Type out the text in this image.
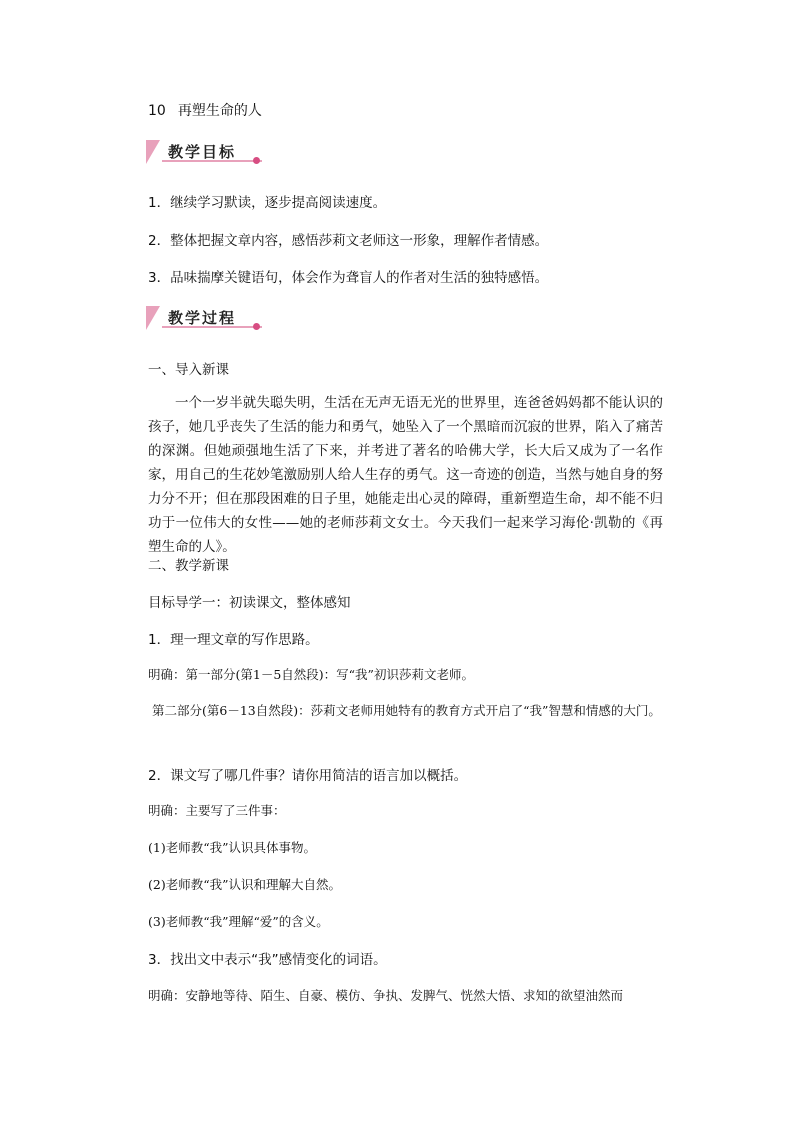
10 再塑生命的人
教学目标
1．继续学习默读，逐步提高阅读速度。
2．整体把握文章内容，感悟莎莉文老师这一形象，理解作者情感。
3．品味揣摩关键语句，体会作为聋盲人的作者对生活的独特感悟。
教学过程
一、导入新课
一个一岁半就失聪失明，生活在无声无语无光的世界里，连爸爸妈妈都不能认识的孩子，她几乎丧失了生活的能力和勇气，她坠入了一个黑暗而沉寂的世界，陷入了痛苦的深渊。但她顽强地生活了下来，并考进了著名的哈佛大学，长大后又成为了一名作家，用自己的生花妙笔激励别人给人生存的勇气。这一奇迹的创造，当然与她自身的努力分不开；但在那段困难的日子里，她能走出心灵的障碍，重新塑造生命，却不能不归功于一位伟大的女性——她的老师莎莉文女士。今天我们一起来学习海伦·凯勒的《再塑生命的人》。
二、教学新课
目标导学一：初读课文，整体感知
1．理一理文章的写作思路。
明确：第一部分(第1－5自然段)：写“我”初识莎莉文老师。
第二部分(第6－13自然段)：莎莉文老师用她特有的教育方式开启了“我”智慧和情感的大门。
2．课文写了哪几件事？请你用简洁的语言加以概括。
明确：主要写了三件事：
(1)老师教“我”认识具体事物。
(2)老师教“我”认识和理解大自然。
(3)老师教“我”理解“爱”的含义。
3．找出文中表示“我”感情变化的词语。
明确：安静地等待、陌生、自豪、模仿、争执、发脾气、恍然大悟、求知的欲望油然而
